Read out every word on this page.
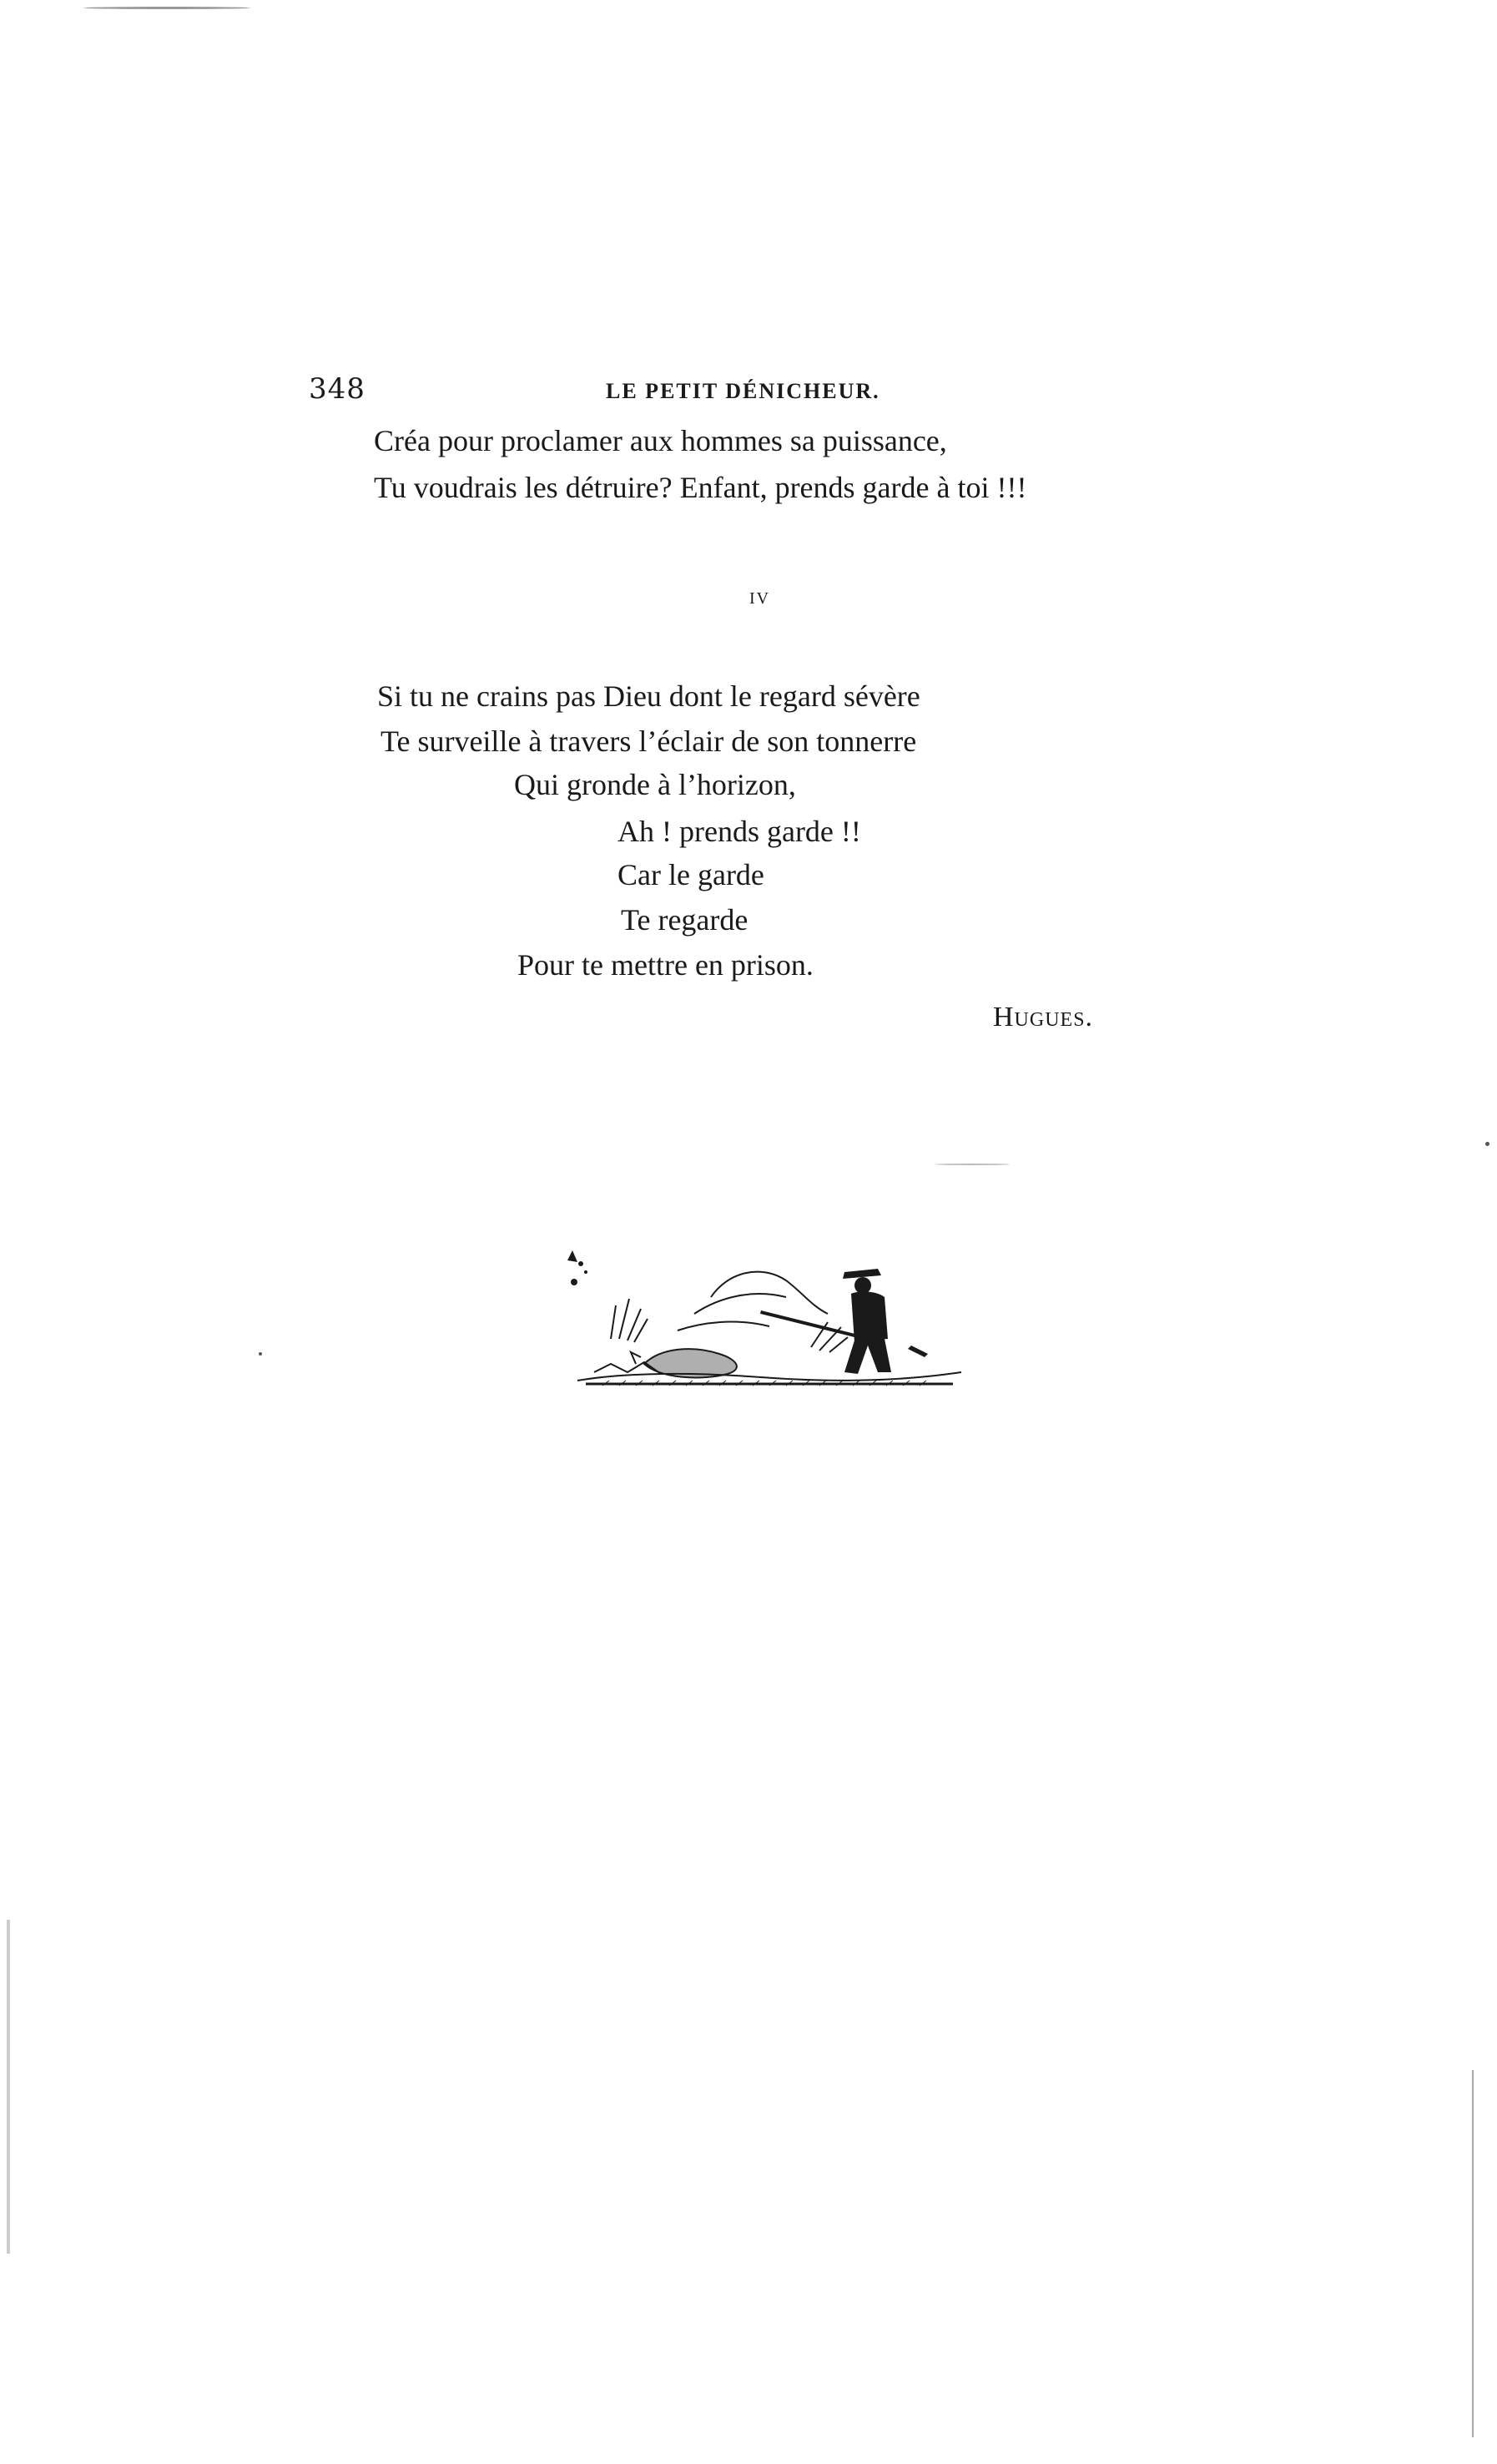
348	LE PETIT DÉNICHEUR.
Créa pour proclamer aux hommes sa puissance,
Tu voudrais les détruire? Enfant, prends garde à toi !!!
IV
Si tu ne crains pas Dieu dont le regard sévère
Te surveille à travers l’éclair de son tonnerre
Qui gronde à l’horizon,
Ah ! prends garde !!
Car le garde
Te regarde
Pour te mettre en prison.
Hugues.
